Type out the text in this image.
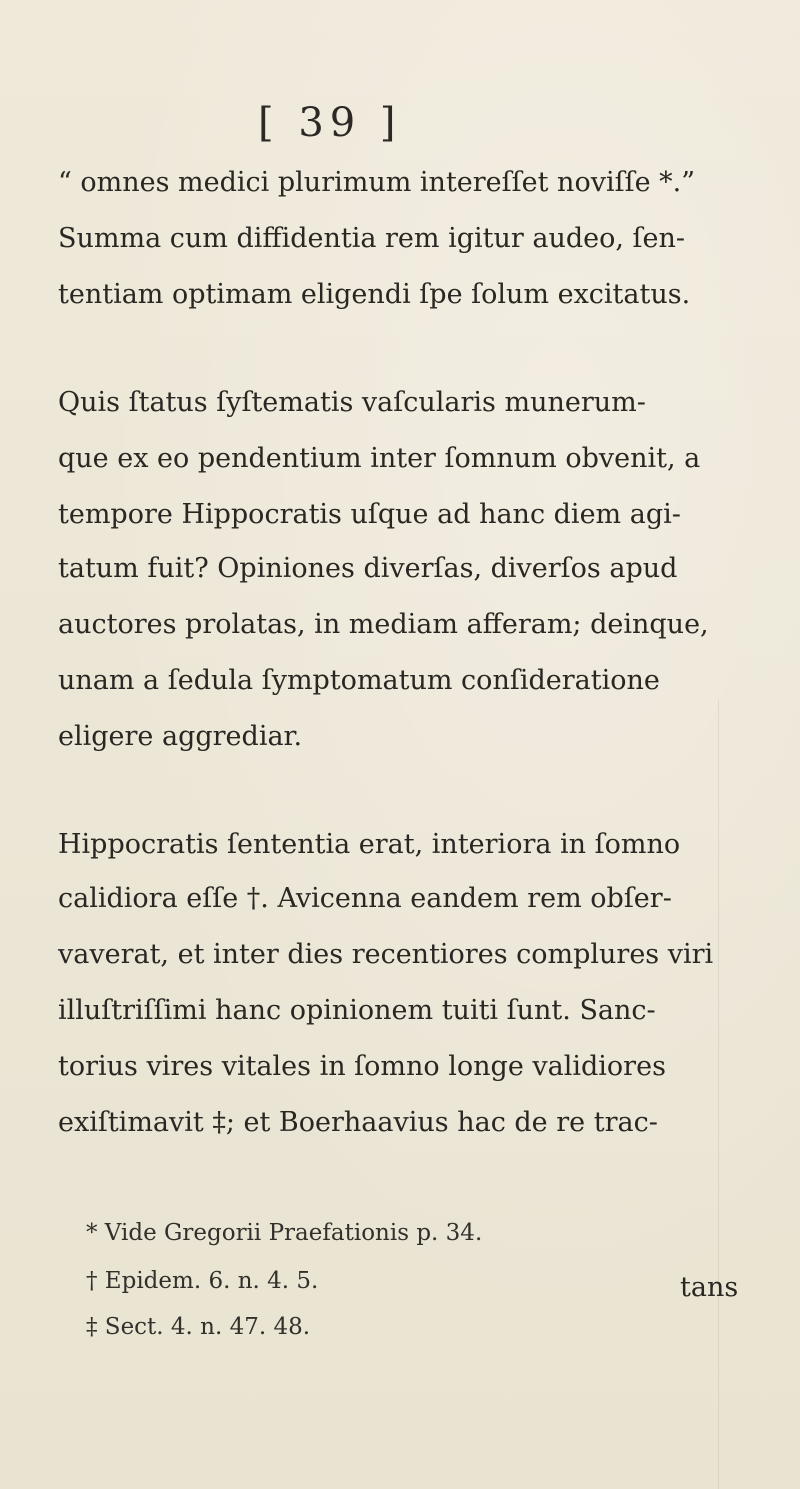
[ 39 ]
“ omnes medici plurimum intereſſet noviſſe *.”
Summa cum diffidentia rem igitur audeo, ſen-
tentiam optimam eligendi ſpe ſolum excitatus.
Quis ſtatus ſyſtematis vaſcularis munerum-
que ex eo pendentium inter ſomnum obvenit, a
tempore Hippocratis uſque ad hanc diem agi-
tatum fuit? Opiniones diverſas, diverſos apud
auctores prolatas, in mediam afferam; deinque,
unam a ſedula ſymptomatum conſideratione
eligere aggrediar.
Hippocratis ſententia erat, interiora in ſomno
calidiora eſſe †. Avicenna eandem rem obſer-
vaverat, et inter dies recentiores complures viri
illuſtriſſimi hanc opinionem tuiti ſunt. Sanc-
torius vires vitales in ſomno longe validiores
exiſtimavit ‡; et Boerhaavius hac de re trac-
tans
* Vide Gregorii Praefationis p. 34.
† Epidem. 6. n. 4. 5.
‡ Sect. 4. n. 47. 48.
